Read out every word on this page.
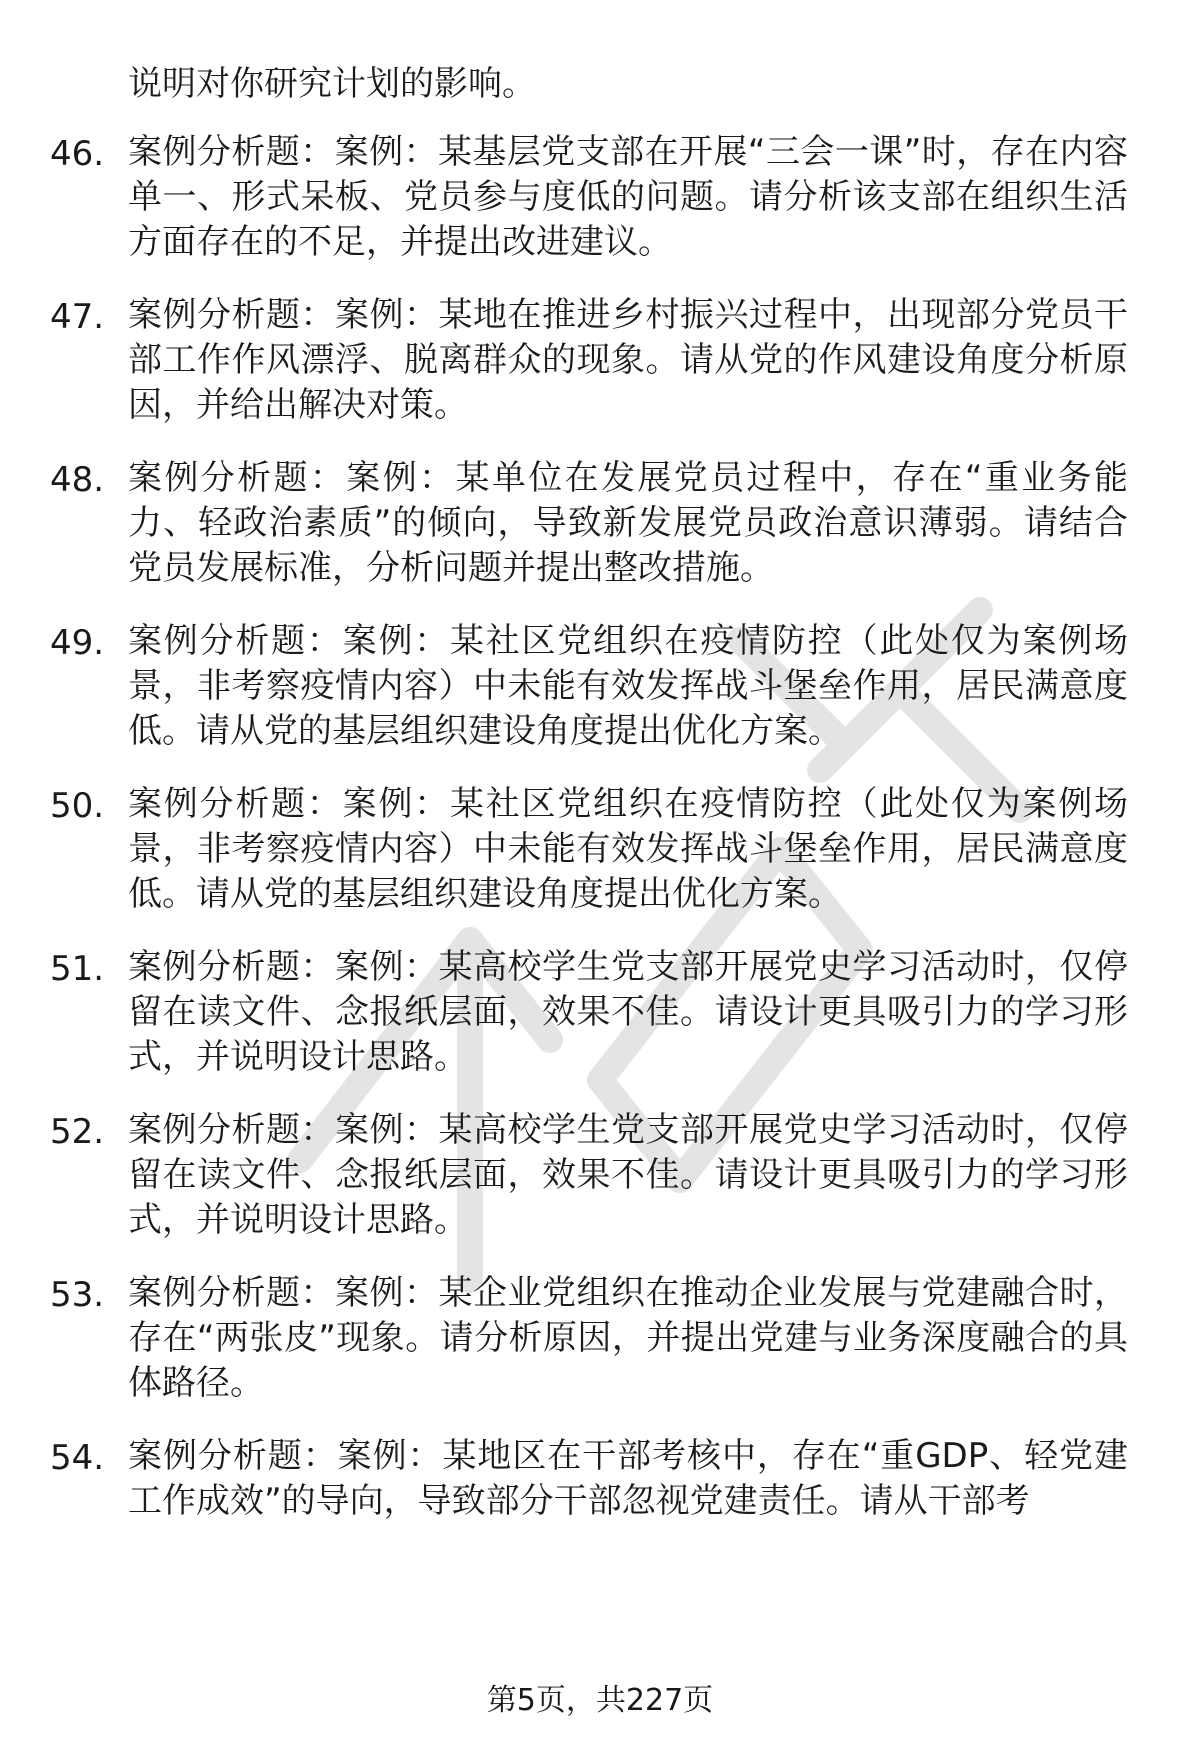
说明对你研究计划的影响。
46. 案例分析题：案例：某基层党支部在开展“三会一课”时，存在内容单一、形式呆板、党员参与度低的问题。请分析该支部在组织生活方面存在的不足，并提出改进建议。
47. 案例分析题：案例：某地在推进乡村振兴过程中，出现部分党员干部工作作风漂浮、脱离群众的现象。请从党的作风建设角度分析原因，并给出解决对策。
48. 案例分析题：案例：某单位在发展党员过程中，存在“重业务能力、轻政治素质”的倾向，导致新发展党员政治意识薄弱。请结合党员发展标准，分析问题并提出整改措施。
49. 案例分析题：案例：某社区党组织在疫情防控（此处仅为案例场景，非考察疫情内容）中未能有效发挥战斗堡垒作用，居民满意度低。请从党的基层组织建设角度提出优化方案。
50. 案例分析题：案例：某社区党组织在疫情防控（此处仅为案例场景，非考察疫情内容）中未能有效发挥战斗堡垒作用，居民满意度低。请从党的基层组织建设角度提出优化方案。
51. 案例分析题：案例：某高校学生党支部开展党史学习活动时，仅停留在读文件、念报纸层面，效果不佳。请设计更具吸引力的学习形式，并说明设计思路。
52. 案例分析题：案例：某高校学生党支部开展党史学习活动时，仅停留在读文件、念报纸层面，效果不佳。请设计更具吸引力的学习形式，并说明设计思路。
53. 案例分析题：案例：某企业党组织在推动企业发展与党建融合时，存在“两张皮”现象。请分析原因，并提出党建与业务深度融合的具体路径。
54. 案例分析题：案例：某地区在干部考核中，存在“重GDP、轻党建工作成效”的导向，导致部分干部忽视党建责任。请从干部考
第5页，共227页
